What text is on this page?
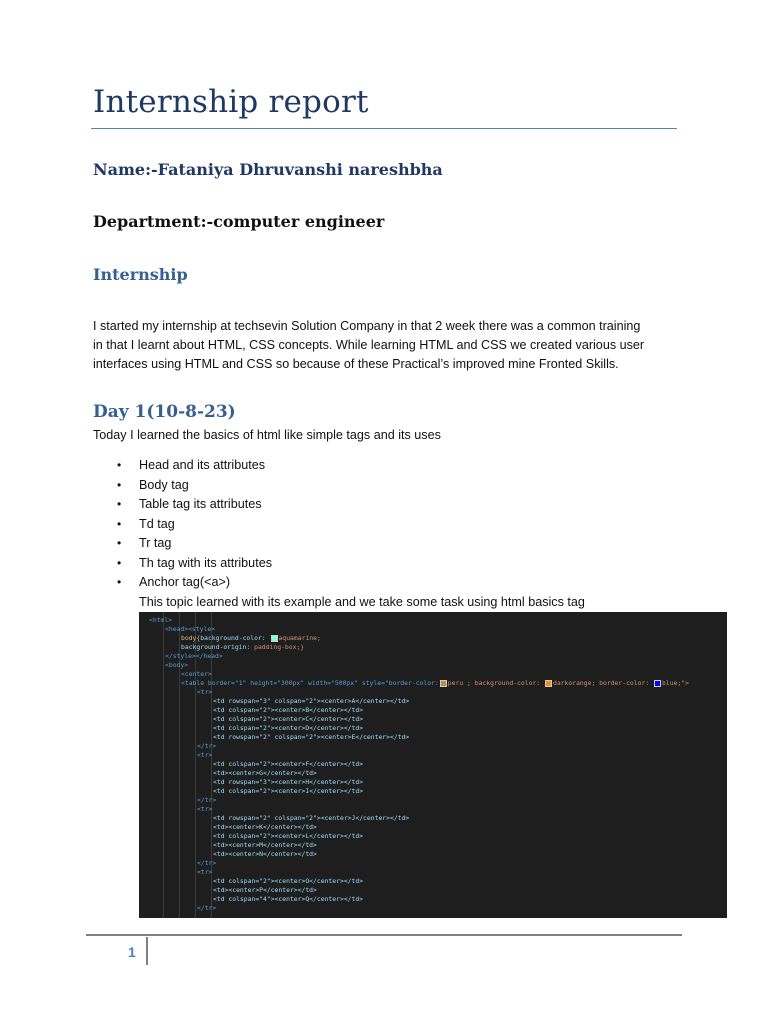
Internship report
Name:-Fataniya Dhruvanshi nareshbha
Department:-computer engineer
Internship

I started my internship at techsevin Solution Company in that 2 week there was a common training

in that I learnt about HTML, CSS concepts. While learning HTML and CSS we created various user

interfaces using HTML and CSS so because of these Practical’s improved mine Fronted Skills.

Day 1(10-8-23)
Today I learned the basics of html like simple tags and its uses
• Head and its attributes
• Body tag
• Table tag its attributes
• Td tag
• Tr tag
• Th tag with its attributes
• Anchor tag(<a>)
This topic learned with its example and we take some task using html basics tag
<html>
<head><style>
body{background-color: aquamarine;
background-origin: padding-box;}
</style></head>
<body>
<center>
<table border="1" height="300px" width="500px" style="border-color: peru ; background-color: darkorange; border-color: blue;">
<tr>
<td rowspan="3" colspan="2"><center>A</center></td>
<td colspan="2"><center>B</center></td>
<td colspan="2"><center>C</center></td>
<td colspan="2"><center>D</center></td>
<td rowspan="2" colspan="2"><center>E</center></td>
</tr>
<tr>
<td colspan="2"><center>F</center></td>
<td><center>G</center></td>
<td rowspan="3"><center>H</center></td>
<td colspan="2"><center>I</center></td>
</tr>
<tr>
<td rowspan="2" colspan="2"><center>J</center></td>
<td><center>K</center></td>
<td colspan="2"><center>L</center></td>
<td><center>M</center></td>
<td><center>N</center></td>
</tr>
<tr>
<td colspan="2"><center>O</center></td>
<td><center>P</center></td>
<td colspan="4"><center>Q</center></td>
</tr>
1
